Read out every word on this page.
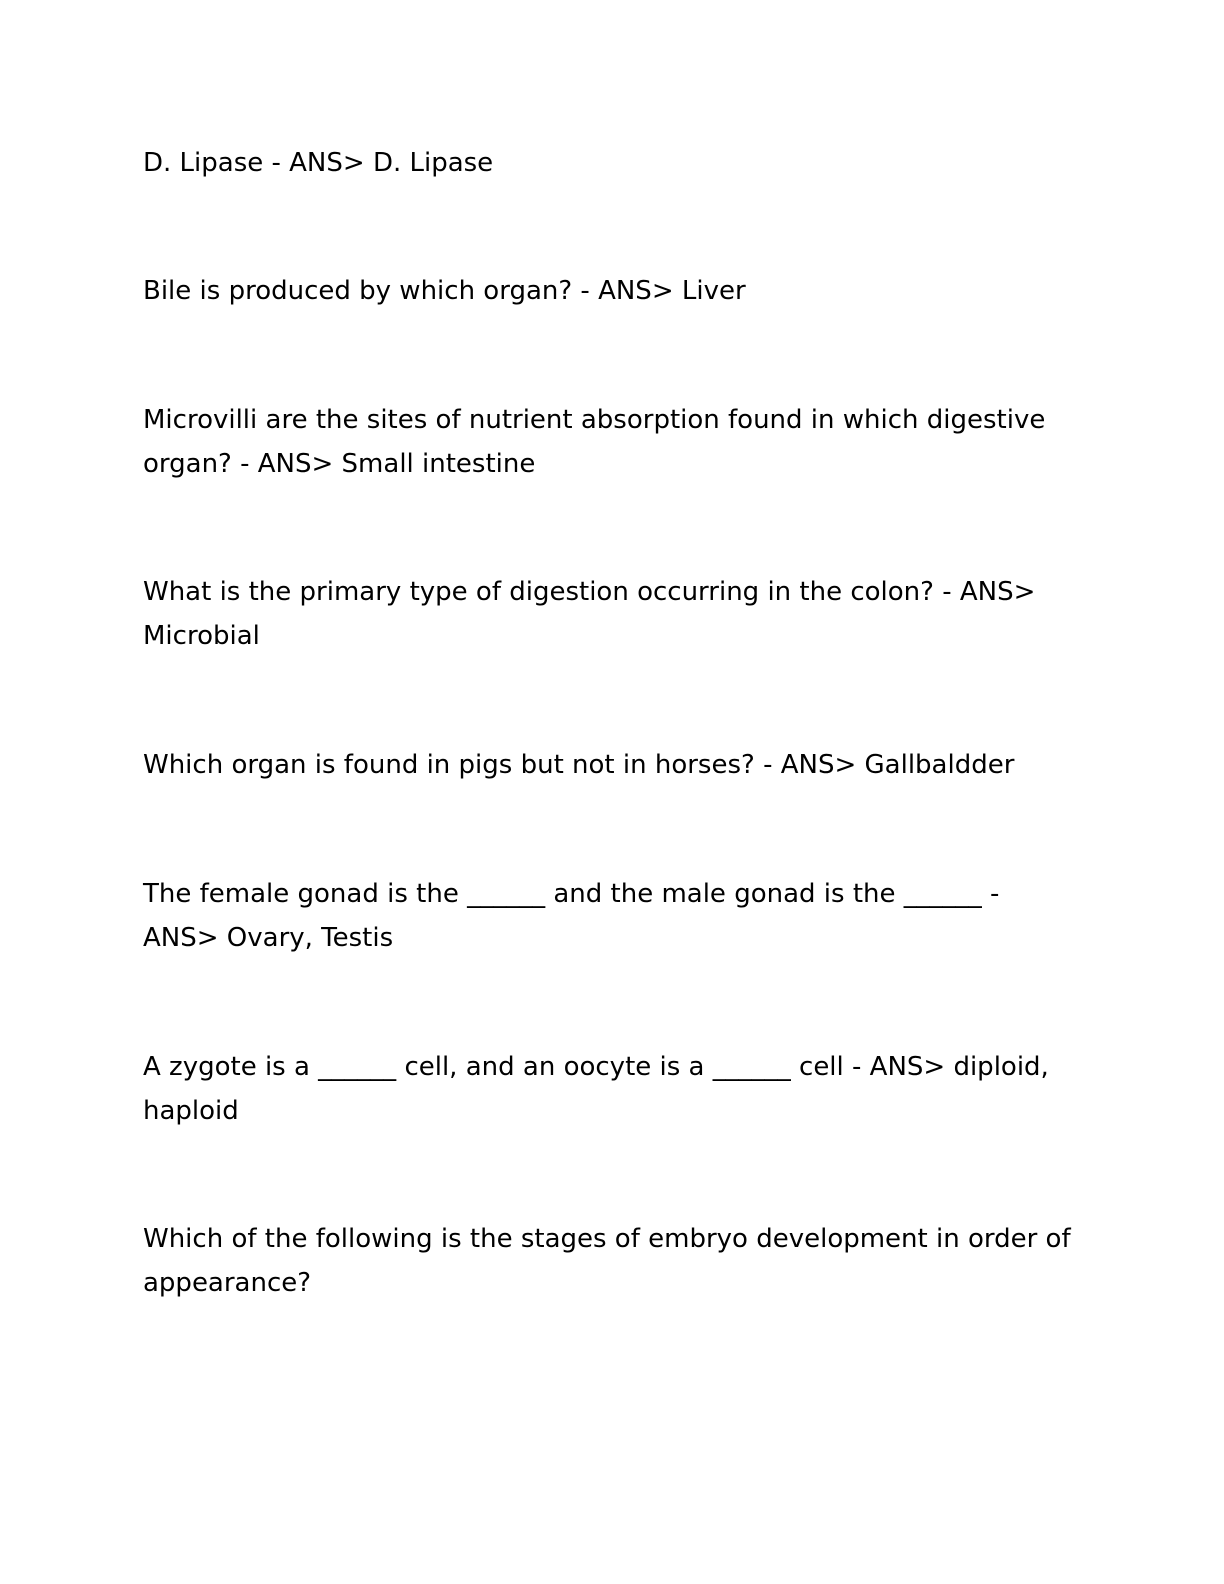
D. Lipase - ANS> D. Lipase

Bile is produced by which organ? - ANS> Liver

Microvilli are the sites of nutrient absorption found in which digestive organ? - ANS> Small intestine

What is the primary type of digestion occurring in the colon? - ANS> Microbial

Which organ is found in pigs but not in horses? - ANS> Gallbaldder

The female gonad is the ______ and the male gonad is the ______ - ANS> Ovary, Testis

A zygote is a ______ cell, and an oocyte is a ______ cell - ANS> diploid, haploid

Which of the following is the stages of embryo development in order of appearance?
